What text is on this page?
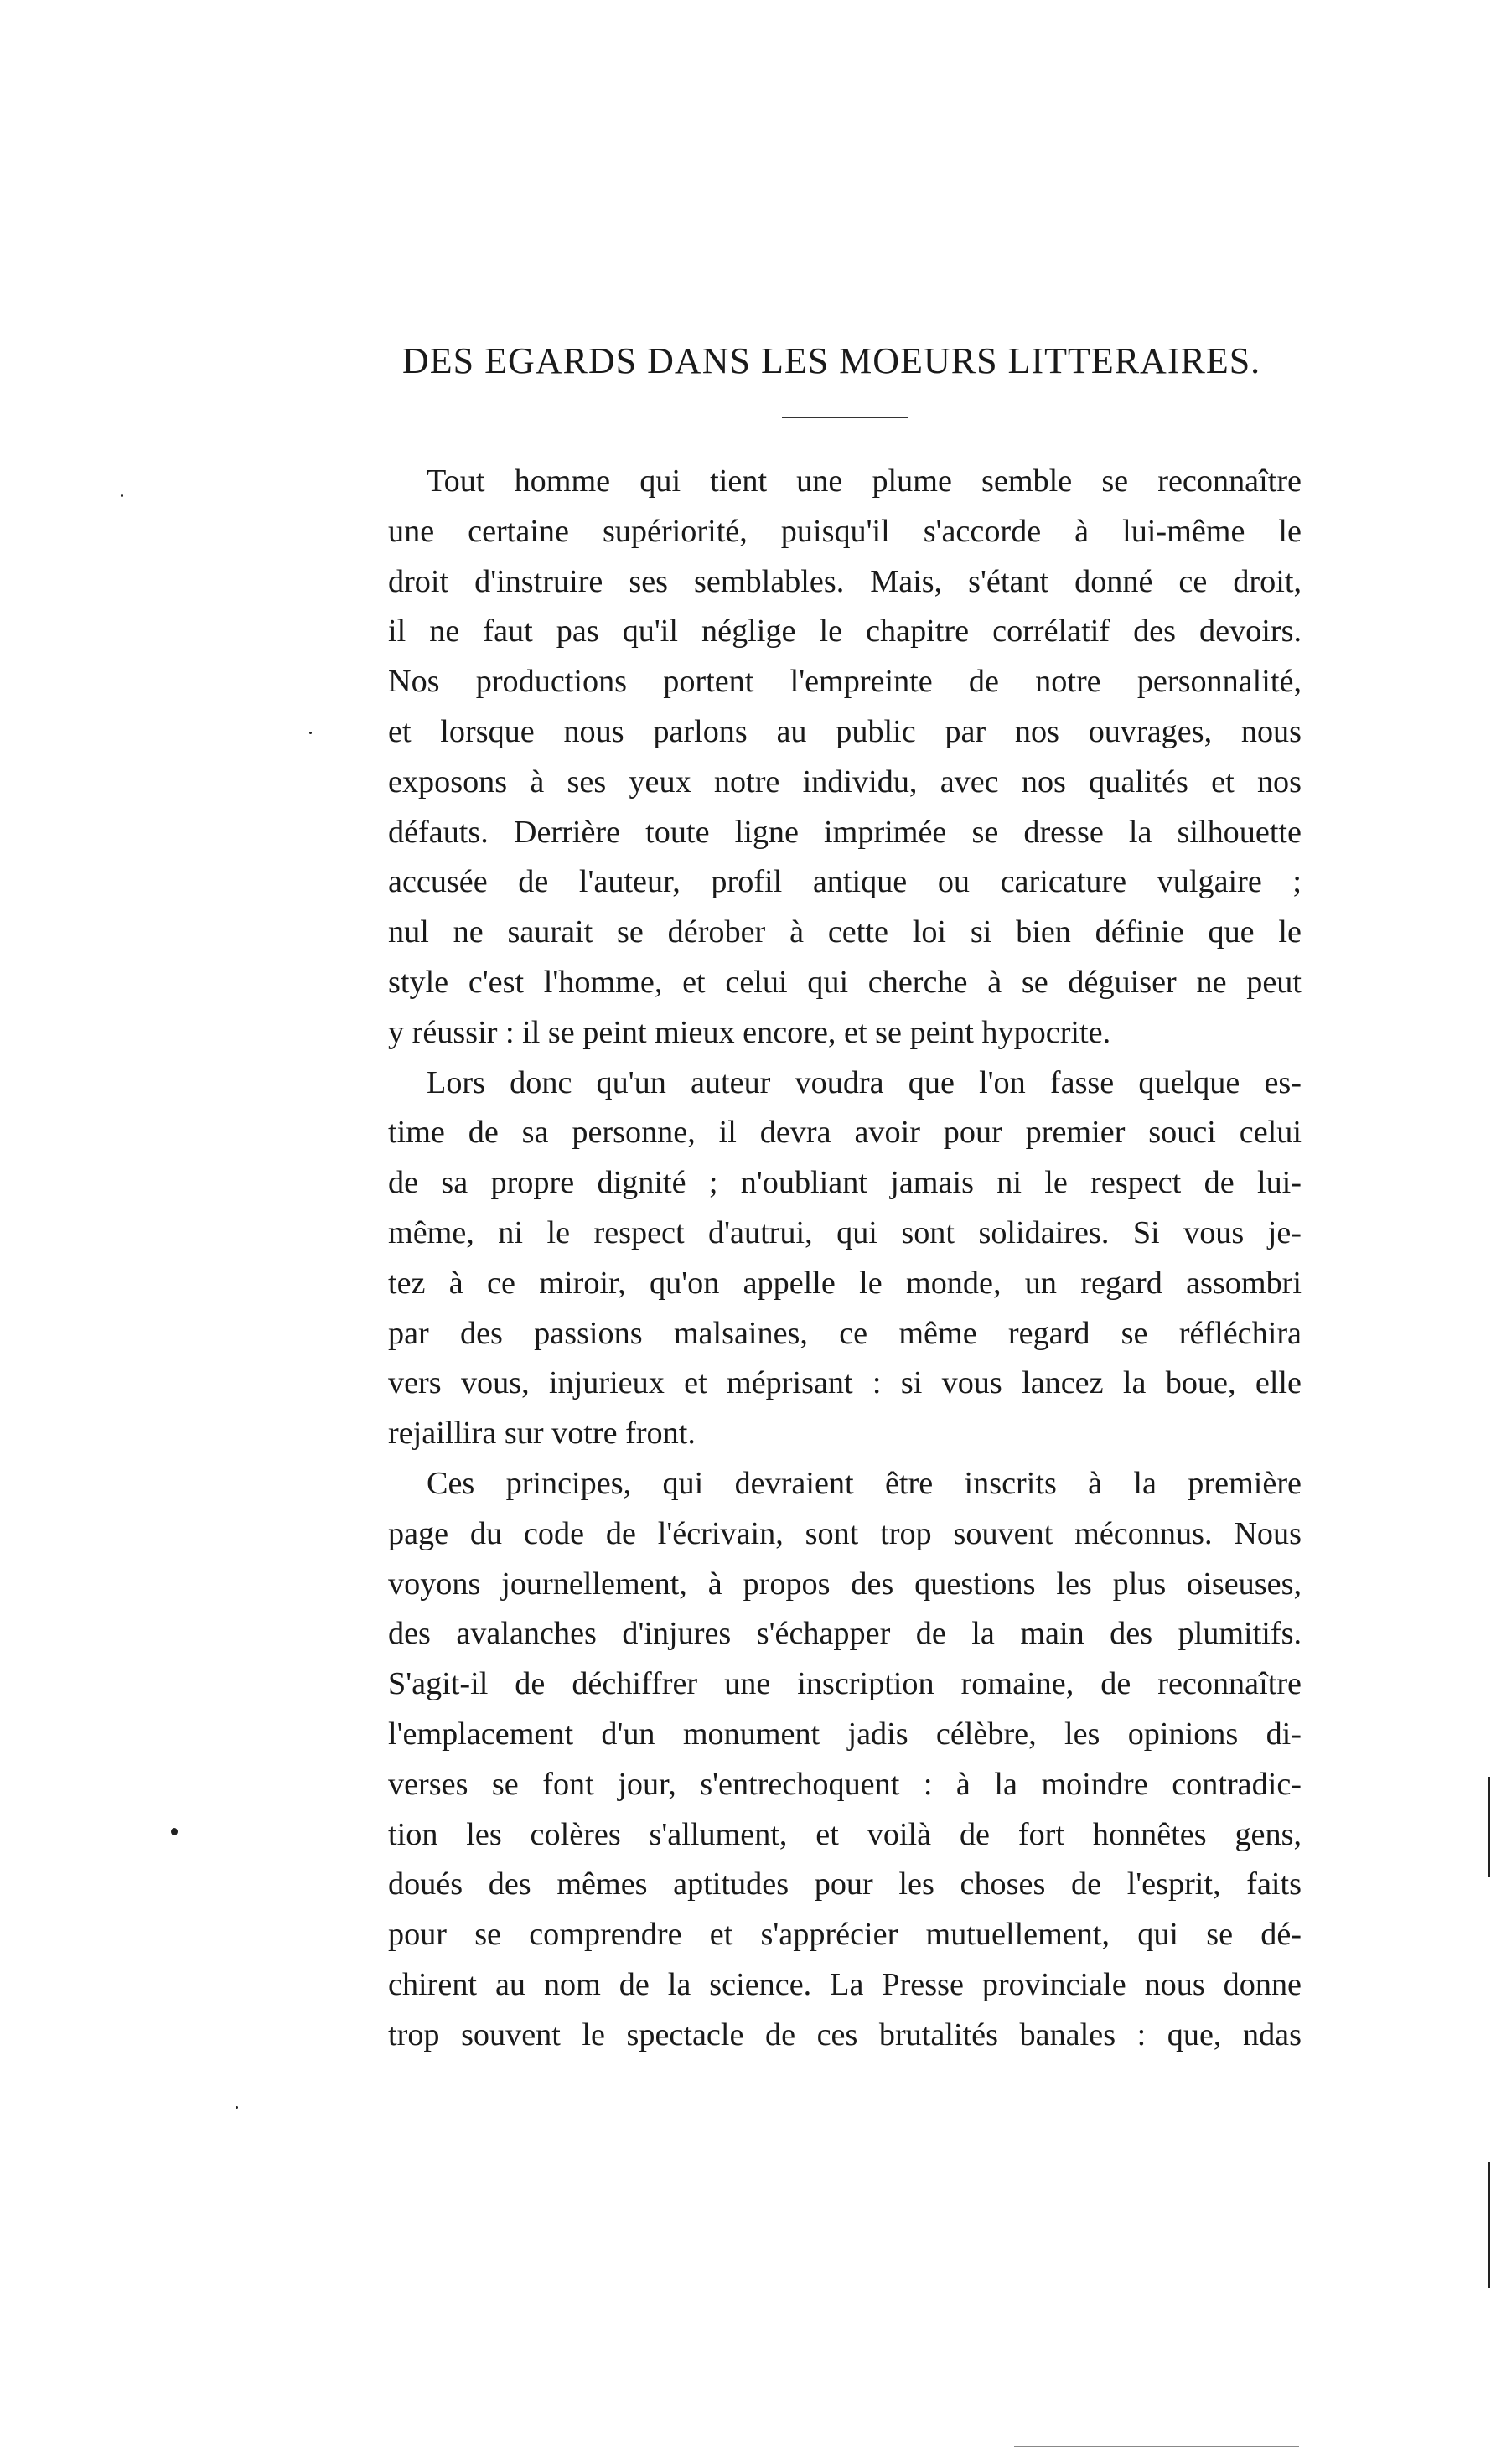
DES EGARDS DANS LES MOEURS LITTERAIRES.

Tout homme qui tient une plume semble se reconnaître
une certaine supériorité, puisqu'il s'accorde à lui-même le
droit d'instruire ses semblables. Mais, s'étant donné ce droit,
il ne faut pas qu'il néglige le chapitre corrélatif des devoirs.
Nos productions portent l'empreinte de notre personnalité,
et lorsque nous parlons au public par nos ouvrages, nous
exposons à ses yeux notre individu, avec nos qualités et nos
défauts. Derrière toute ligne imprimée se dresse la silhouette
accusée de l'auteur, profil antique ou caricature vulgaire ;
nul ne saurait se dérober à cette loi si bien définie que le
style c'est l'homme, et celui qui cherche à se déguiser ne peut
y réussir : il se peint mieux encore, et se peint hypocrite.

Lors donc qu'un auteur voudra que l'on fasse quelque es-
time de sa personne, il devra avoir pour premier souci celui
de sa propre dignité ; n'oubliant jamais ni le respect de lui-
même, ni le respect d'autrui, qui sont solidaires. Si vous je-
tez à ce miroir, qu'on appelle le monde, un regard assombri
par des passions malsaines, ce même regard se réfléchira
vers vous, injurieux et méprisant : si vous lancez la boue, elle
rejaillira sur votre front.

Ces principes, qui devraient être inscrits à la première
page du code de l'écrivain, sont trop souvent méconnus. Nous
voyons journellement, à propos des questions les plus oiseuses,
des avalanches d'injures s'échapper de la main des plumitifs.
S'agit-il de déchiffrer une inscription romaine, de reconnaître
l'emplacement d'un monument jadis célèbre, les opinions di-
verses se font jour, s'entrechoquent : à la moindre contradic-
tion les colères s'allument, et voilà de fort honnêtes gens,
doués des mêmes aptitudes pour les choses de l'esprit, faits
pour se comprendre et s'apprécier mutuellement, qui se dé-
chirent au nom de la science. La Presse provinciale nous donne
trop souvent le spectacle de ces brutalités banales : que, ndas
